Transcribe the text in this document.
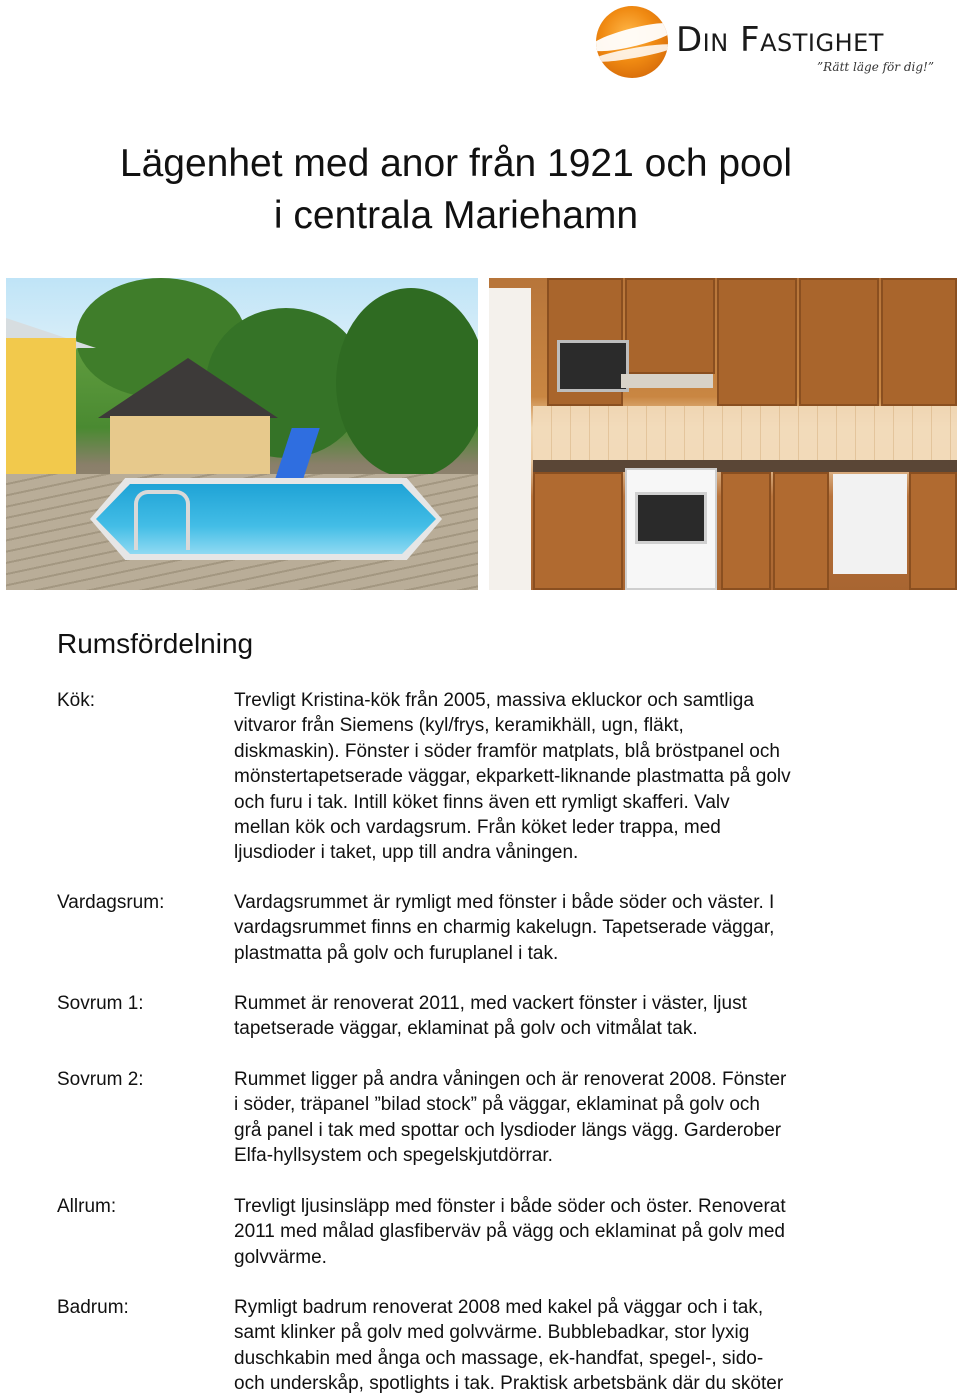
Din Fastighet
”Rätt läge för dig!”
Lägenhet med anor från 1921 och pool
i centrala Mariehamn
Rumsfördelning
Kök:	Trevligt Kristina-kök från 2005, massiva ekluckor och samtliga
vitvaror från Siemens (kyl/frys, keramikhäll, ugn, fläkt,
diskmaskin). Fönster i söder framför matplats, blå bröstpanel och
mönstertapetserade väggar, ekparkett-liknande plastmatta på golv
och furu i tak. Intill köket finns även ett rymligt skafferi. Valv
mellan kök och vardagsrum. Från köket leder trappa, med
ljusdioder i taket, upp till andra våningen.
Vardagsrum:	Vardagsrummet är rymligt med fönster i både söder och väster. I
vardagsrummet finns en charmig kakelugn. Tapetserade väggar,
plastmatta på golv och furuplanel i tak.
Sovrum 1:	Rummet är renoverat 2011, med vackert fönster i väster, ljust
tapetserade väggar, eklaminat på golv och vitmålat tak.
Sovrum 2:	Rummet ligger på andra våningen och är renoverat 2008. Fönster
i söder, träpanel ”bilad stock” på väggar, eklaminat på golv och
grå panel i tak med spottar och lysdioder längs vägg. Garderober
Elfa-hyllsystem och spegelskjutdörrar.
Allrum:	Trevligt ljusinsläpp med fönster i både söder och öster. Renoverat
2011 med målad glasfiberväv på vägg och eklaminat på golv med
golvvärme.
Badrum:	Rymligt badrum renoverat 2008 med kakel på väggar och i tak,
samt klinker på golv med golvvärme. Bubblebadkar, stor lyxig
duschkabin med ånga och massage, ek-handfat, spegel-, sido-
och underskåp, spotlights i tak. Praktisk arbetsbänk där du sköter
